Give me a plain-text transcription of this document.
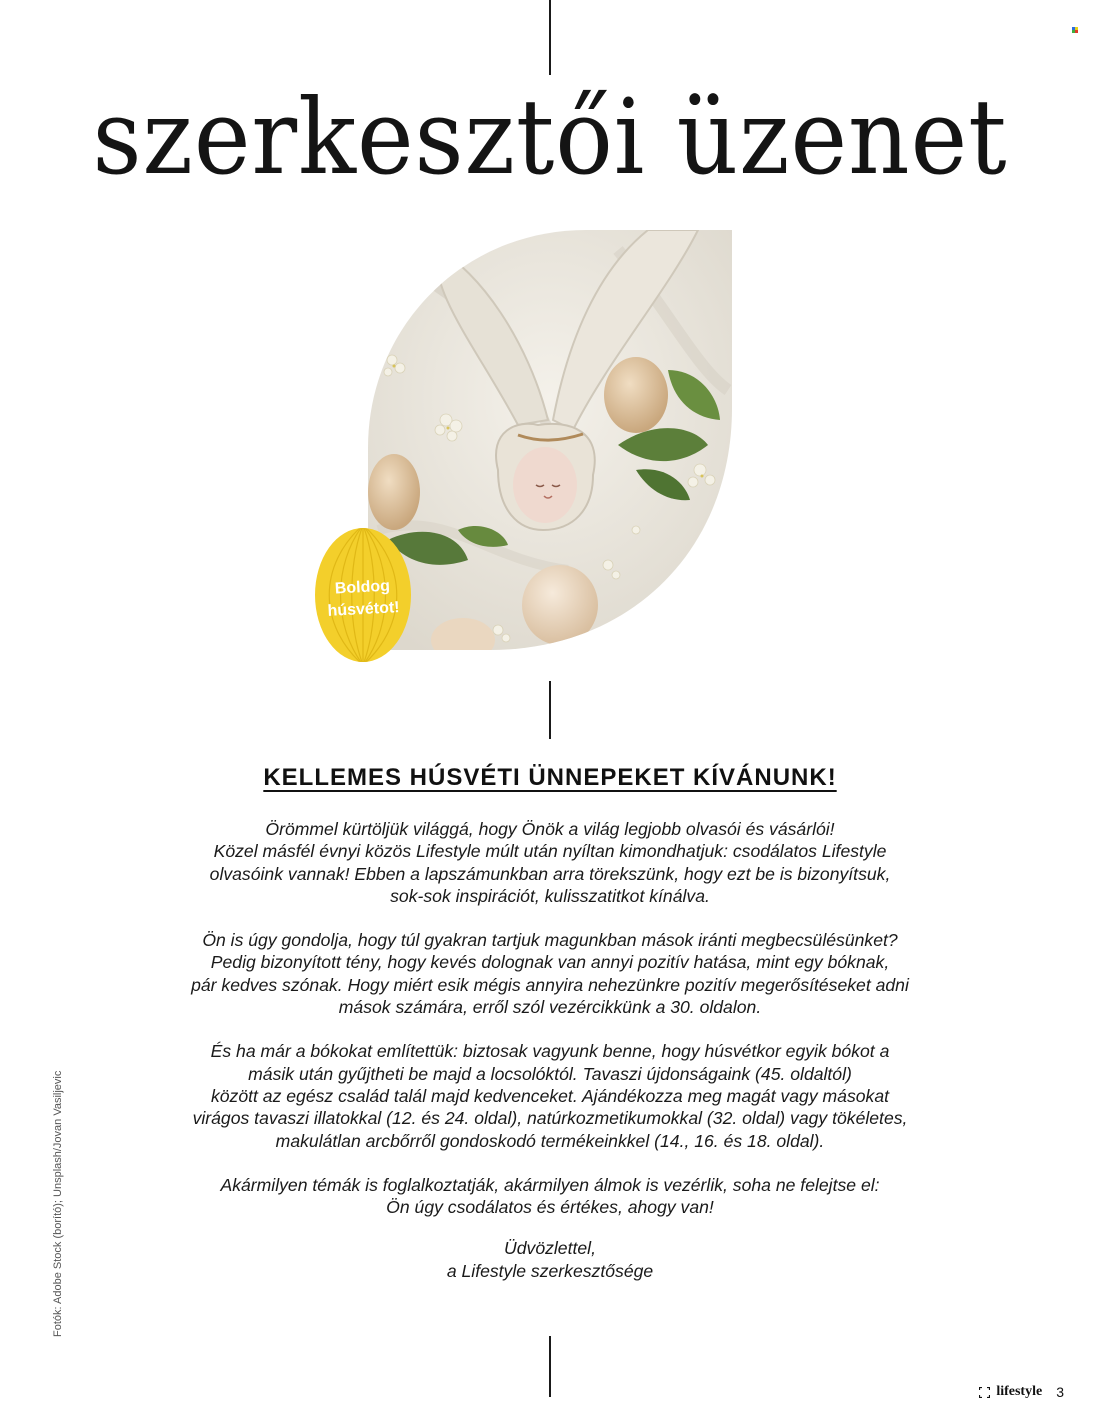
szerkesztői üzenet
Boldog
húsvétot!
KELLEMES HÚSVÉTI ÜNNEPEKET KÍVÁNUNK!

Örömmel kürtöljük világgá, hogy Önök a világ legjobb olvasói és vásárlói!
Közel másfél évnyi közös Lifestyle múlt után nyíltan kimondhatjuk: csodálatos Lifestyle
olvasóink vannak! Ebben a lapszámunkban arra törekszünk, hogy ezt be is bizonyítsuk,
sok-sok inspirációt, kulisszatitkot kínálva.

Ön is úgy gondolja, hogy túl gyakran tartjuk magunkban mások iránti megbecsülésünket?
Pedig bizonyított tény, hogy kevés dolognak van annyi pozitív hatása, mint egy bóknak,
pár kedves szónak. Hogy miért esik mégis annyira nehezünkre pozitív megerősítéseket adni
mások számára, erről szól vezércikkünk a 30. oldalon.

És ha már a bókokat említettük: biztosak vagyunk benne, hogy húsvétkor egyik bókot a
másik után gyűjtheti be majd a locsolóktól. Tavaszi újdonságaink (45. oldaltól)
között az egész család talál majd kedvenceket. Ajándékozza meg magát vagy másokat
virágos tavaszi illatokkal (12. és 24. oldal), natúrkozmetikumokkal (32. oldal) vagy tökéletes,
makulátlan arcbőrről gondoskodó termékeinkkel (14., 16. és 18. oldal).

Akármilyen témák is foglalkoztatják, akármilyen álmok is vezérlik, soha ne felejtse el:
Ön úgy csodálatos és értékes, ahogy van!

Üdvözlettel,
a Lifestyle szerkesztősége
Fotók: Adobe Stock (borító); Unsplash/Jovan Vasiljevic
lifestyle 3
